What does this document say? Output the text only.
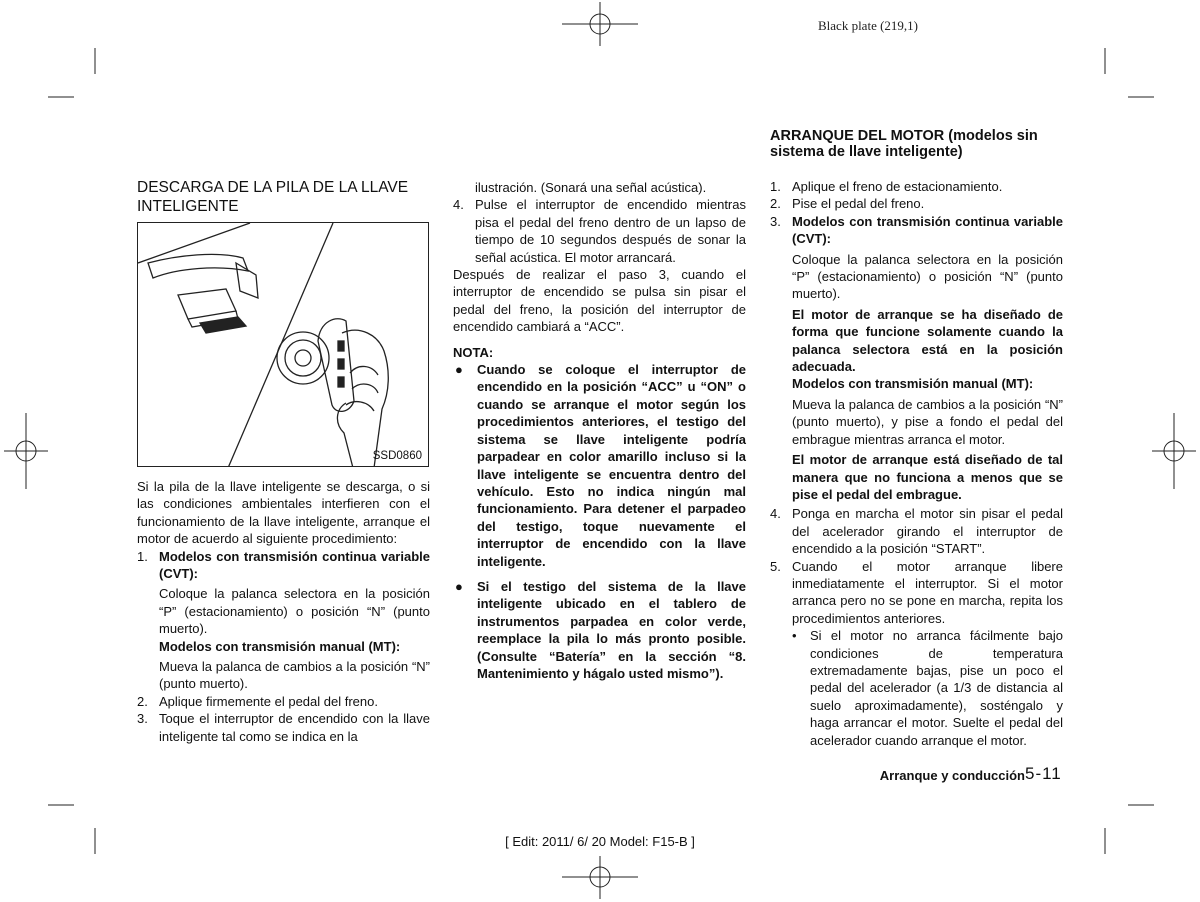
Black plate (219,1)
DESCARGA DE LA PILA DE LA LLAVE INTELIGENTE
SSD0860

Si la pila de la llave inteligente se descarga, o si las condiciones ambientales interfieren con el funcionamiento de la llave inteligente, arranque el motor de acuerdo al siguiente procedimiento:

1. Modelos con transmisión continua variable (CVT):
Coloque la palanca selectora en la posición “P” (estacionamiento) o posición “N” (punto muerto).
Modelos con transmisión manual (MT):
Mueva la palanca de cambios a la posición “N” (punto muerto).
2. Aplique firmemente el pedal del freno.
3. Toque el interruptor de encendido con la llave inteligente tal como se indica en la
ilustración. (Sonará una señal acústica).
4. Pulse el interruptor de encendido mientras pisa el pedal del freno dentro de un lapso de tiempo de 10 segundos después de sonar la señal acústica. El motor arrancará.

Después de realizar el paso 3, cuando el interruptor de encendido se pulsa sin pisar el pedal del freno, la posición del interruptor de encendido cambiará a “ACC”.

NOTA:

● Cuando se coloque el interruptor de encendido en la posición “ACC” u “ON” o cuando se arranque el motor según los procedimientos anteriores, el testigo del sistema se llave inteligente podría parpadear en color amarillo incluso si la llave inteligente se encuentra dentro del vehículo. Esto no indica ningún mal funcionamiento. Para detener el parpadeo del testigo, toque nuevamente el interruptor de encendido con la llave inteligente.
● Si el testigo del sistema de la llave inteligente ubicado en el tablero de instrumentos parpadea en color verde, reemplace la pila lo más pronto posible. (Consulte “Batería” en la sección “8. Mantenimiento y hágalo usted mismo”).
ARRANQUE DEL MOTOR (modelos sin sistema de llave inteligente)
1. Aplique el freno de estacionamiento.
2. Pise el pedal del freno.
3. Modelos con transmisión continua variable (CVT):
Coloque la palanca selectora en la posición “P” (estacionamiento) o posición “N” (punto muerto).
El motor de arranque se ha diseñado de forma que funcione solamente cuando la palanca selectora está en la posición adecuada.
Modelos con transmisión manual (MT):
Mueva la palanca de cambios a la posición “N” (punto muerto), y pise a fondo el pedal del embrague mientras arranca el motor.
El motor de arranque está diseñado de tal manera que no funciona a menos que se pise el pedal del embrague.
4. Ponga en marcha el motor sin pisar el pedal del acelerador girando el interruptor de encendido a la posición “START”.
5. Cuando el motor arranque libere inmediatamente el interruptor. Si el motor arranca pero no se pone en marcha, repita los procedimientos anteriores.
• Si el motor no arranca fácilmente bajo condiciones de temperatura extremadamente bajas, pise un poco el pedal del acelerador (a 1/3 de distancia al suelo aproximadamente), sosténgalo y haga arrancar el motor. Suelte el pedal del acelerador cuando arranque el motor.
Arranque y conducción 5-11
[ Edit: 2011/ 6/ 20 Model: F15-B ]
